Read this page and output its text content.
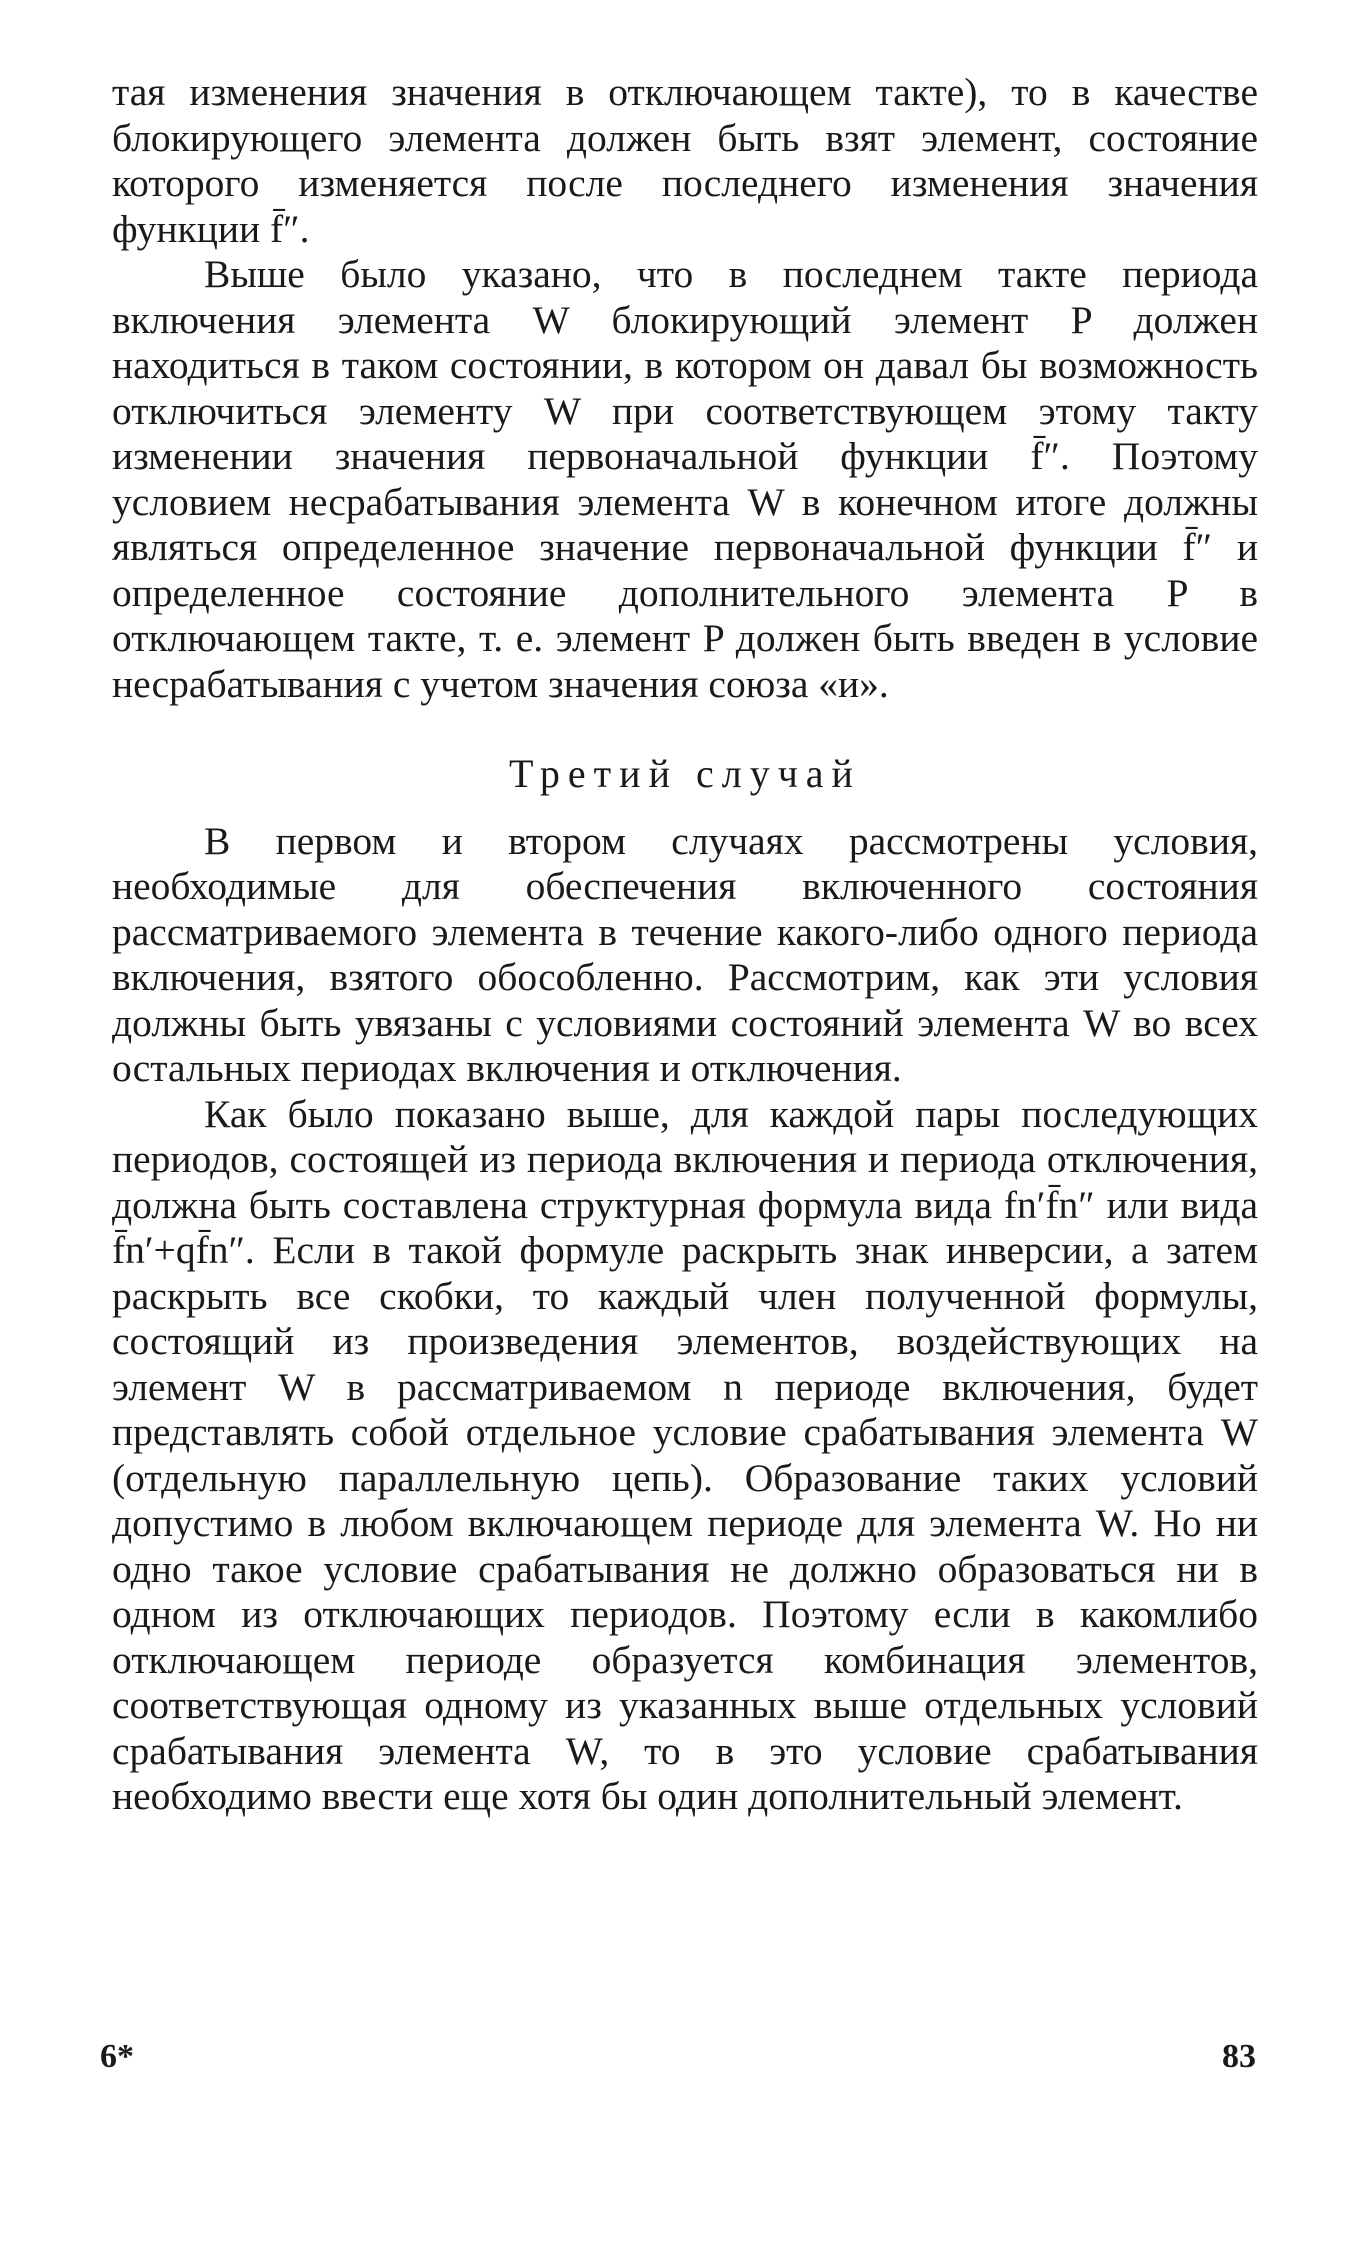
тая изменения значения в отключающем такте), то в качестве блокирующего элемента должен быть взят элемент, состояние которого изменяется после последнего изменения значения функции f̄″.

Выше было указано, что в последнем такте периода включения элемента W блокирующий элемент P должен находиться в таком состоянии, в котором он давал бы возможность отключиться элементу W при соответствующем этому такту изменении значения первоначальной функции f̄″. Поэтому условием несрабатывания элемента W в конечном итоге должны являться определенное значение первоначальной функции f̄″ и определенное состояние дополнительного элемента P в отключающем такте, т. е. элемент P должен быть введен в условие несрабатывания с учетом значения союза «и».

Третий случай

В первом и втором случаях рассмотрены условия, необходимые для обеспечения включенного состояния рассматриваемого элемента в течение какого-либо одного периода включения, взятого обособленно. Рассмотрим, как эти условия должны быть увязаны с условиями состояний элемента W во всех остальных периодах включения и отключения.

Как было показано выше, для каждой пары последующих периодов, состоящей из периода включения и периода отключения, должна быть составлена структурная формула вида fn′f̄n″ или вида f̄n′+qf̄n″. Если в такой формуле раскрыть знак инверсии, а затем раскрыть все скобки, то каждый член полученной формулы, состоящий из произведения элементов, воздействующих на элемент W в рассматриваемом n периоде включения, будет представлять собой отдельное условие срабатывания элемента W (отдельную параллельную цепь). Образование таких условий допустимо в любом включающем периоде для элемента W. Но ни одно такое условие срабатывания не должно образоваться ни в одном из отключающих периодов. Поэтому если в какомлибо отключающем периоде образуется комбинация элементов, соответствующая одному из указанных выше отдельных условий срабатывания элемента W, то в это условие срабатывания необходимо ввести еще хотя бы один дополнительный элемент.

6*	83
